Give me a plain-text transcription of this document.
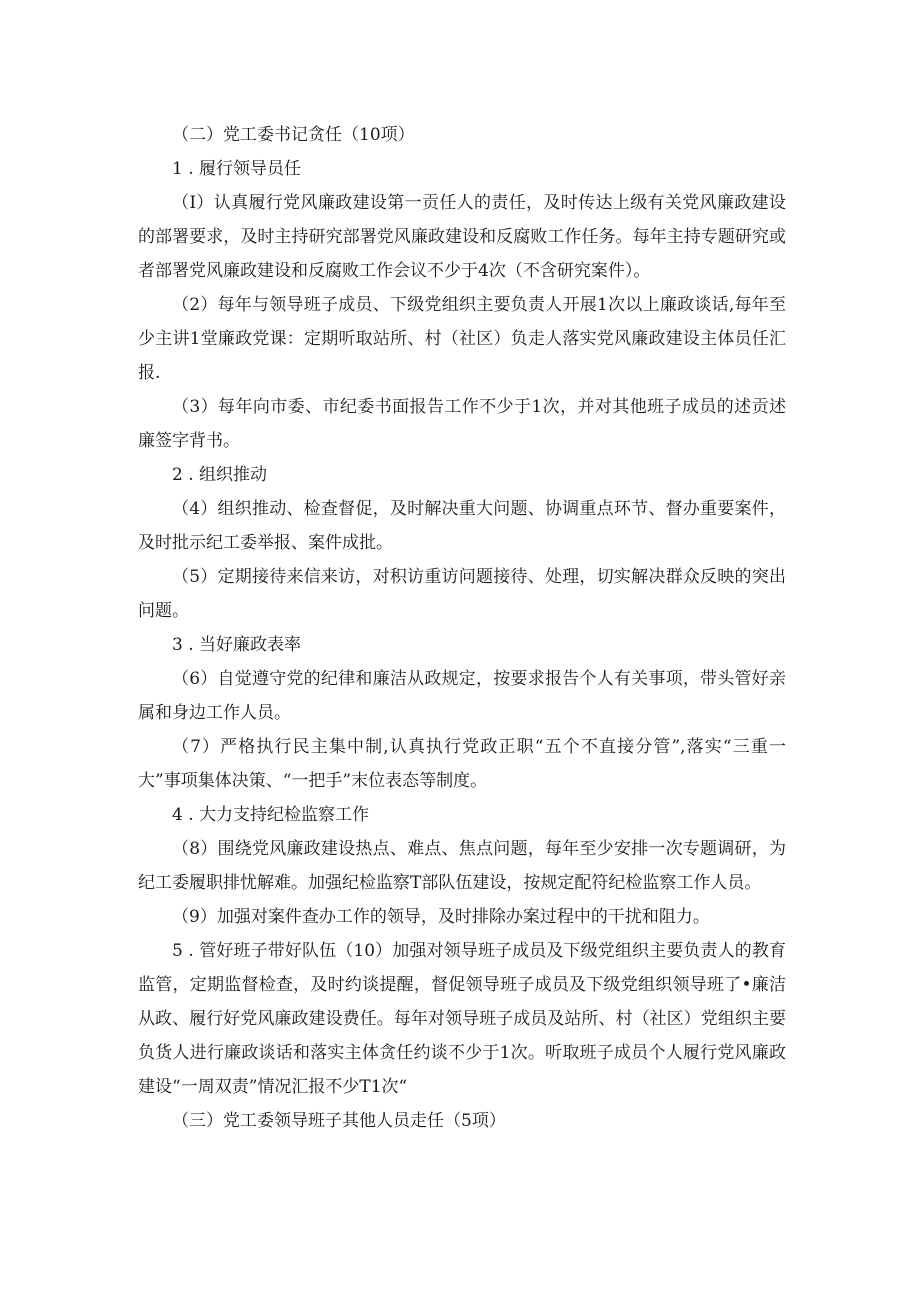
（二）党工委书记贪任（10项）

1 . 履行领导员任

（I）认真履行党风廉政建设第一贡任人的责任，及时传达上级有关党风廉政建设的部署要求，及时主持研究部署党风廉政建设和反腐败工作任务。每年主持专题研究或者部署党风廉政建设和反腐败工作会议不少于4次（不含研究案件）。

（2）每年与领导班子成员、下级党组织主要负责人开展1次以上廉政谈话,每年至少主讲1堂廉政党课：定期听取站所、村（社区）负走人落实党风廉政建设主体员任汇报.

（3）每年向市委、市纪委书面报告工作不少于1次，并对其他班子成员的述贡述廉签字背书。

2 . 组织推动

（4）组织推动、检查督促，及时解决重大问题、协调重点环节、督办重要案件，及时批示纪工委举报、案件成批。

（5）定期接待来信来访，对积访重访问题接待、处理，切实解决群众反映的突出问题。

3 . 当好廉政表率

（6）自觉遵守党的纪律和廉洁从政规定，按要求报告个人有关事项，带头管好亲属和身边工作人员。

（7）严格执行民主集中制,认真执行党政正职“五个不直接分管”,落实“三重一大”事项集体决策、“一把手”末位表态等制度。

4 . 大力支持纪检监察工作

（8）围绕党风廉政建设热点、难点、焦点问题，每年至少安排一次专题调研，为纪工委履职排忧解难。加强纪检监察T部队伍建设，按规定配符纪检监察工作人员。

（9）加强对案件查办工作的领导，及时排除办案过程中的干扰和阻力。

5 . 管好班子带好队伍（10）加强对领导班子成员及下级党组织主要负责人的教育监管，定期监督检查，及时约谈提醒，督促领导班子成员及下级党组织领导班了•廉洁从政、履行好党风廉政建设费任。每年对领导班子成员及站所、村（社区）党组织主要负货人进行廉政谈话和落实主体贪任约谈不少于1次。听取班子成员个人履行党风廉政建设“一周双责”情况汇报不少T1次“

（三）党工委领导班子其他人员走任（5项）
